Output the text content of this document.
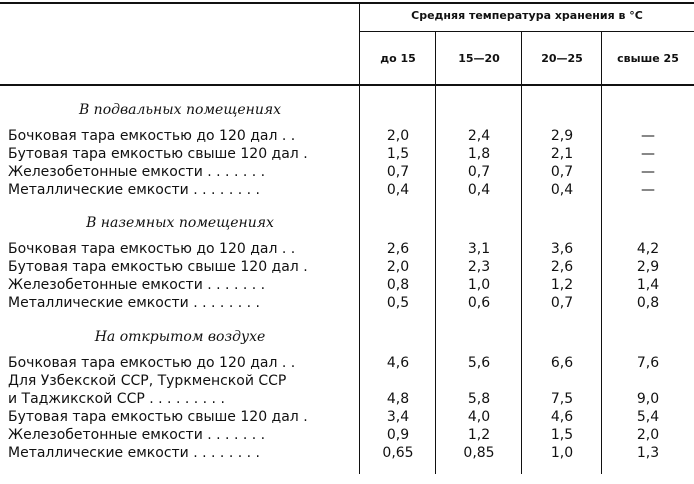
Средняя температура хранения в °С
до 15	15—20	20—25	свыше 25
В подвальных помещениях
Бочковая тара емкостью до 120 дал . .	2,0	2,4	2,9	—
Бутовая тара емкостью свыше 120 дал .	1,5	1,8	2,1	—
Железобетонные емкости . . . . . . .	0,7	0,7	0,7	—
Металлические емкости . . . . . . . .	0,4	0,4	0,4	—
В наземных помещениях
Бочковая тара емкостью до 120 дал . .	2,6	3,1	3,6	4,2
Бутовая тара емкостью свыше 120 дал .	2,0	2,3	2,6	2,9
Железобетонные емкости . . . . . . .	0,8	1,0	1,2	1,4
Металлические емкости . . . . . . . .	0,5	0,6	0,7	0,8
На открытом воздухе
Бочковая тара емкостью до 120 дал . .	4,6	5,6	6,6	7,6
Для Узбекской ССР, Туркменской ССР
и Таджикской ССР . . . . . . . . .	4,8	5,8	7,5	9,0
Бутовая тара емкостью свыше 120 дал .	3,4	4,0	4,6	5,4
Железобетонные емкости . . . . . . .	0,9	1,2	1,5	2,0
Металлические емкости . . . . . . . .	0,65	0,85	1,0	1,3
